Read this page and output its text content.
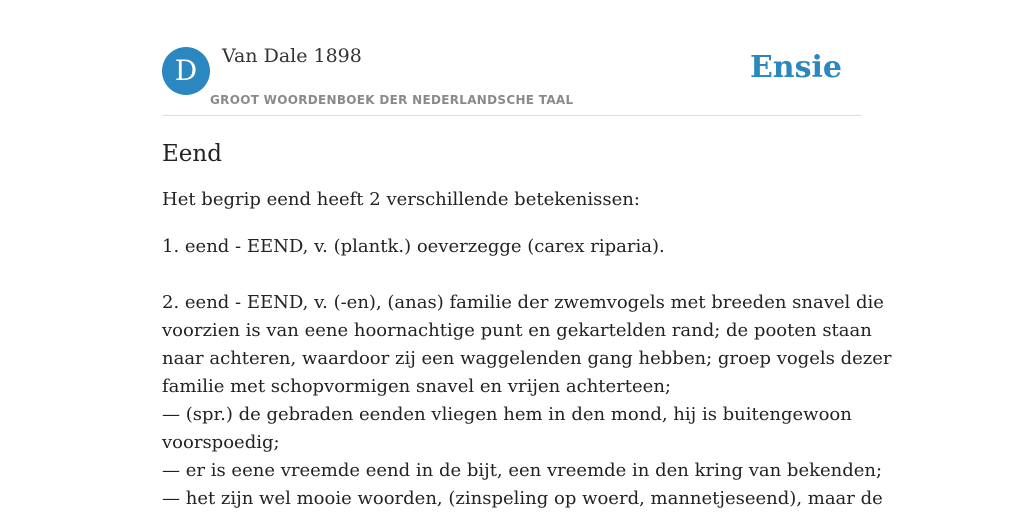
D	Van Dale 1898
GROOT WOORDENBOEK DER NEDERLANDSCHE TAAL
Ensie
Eend

Het begrip eend heeft 2 verschillende betekenissen:

1. eend - EEND, v. (plantk.) oeverzegge (carex riparia).

2. eend - EEND, v. (-en), (anas) familie der zwemvogels met breeden snavel die
voorzien is van eene hoornachtige punt en gekartelden rand; de pooten staan
naar achteren, waardoor zij een waggelenden gang hebben; groep vogels dezer
familie met schopvormigen snavel en vrijen achterteen;
— (spr.) de gebraden eenden vliegen hem in den mond, hij is buitengewoon
voorspoedig;
— er is eene vreemde eend in de bijt, een vreemde in den kring van bekenden;
— het zijn wel mooie woorden, (zinspeling op woerd, mannetjeseend), maar de
